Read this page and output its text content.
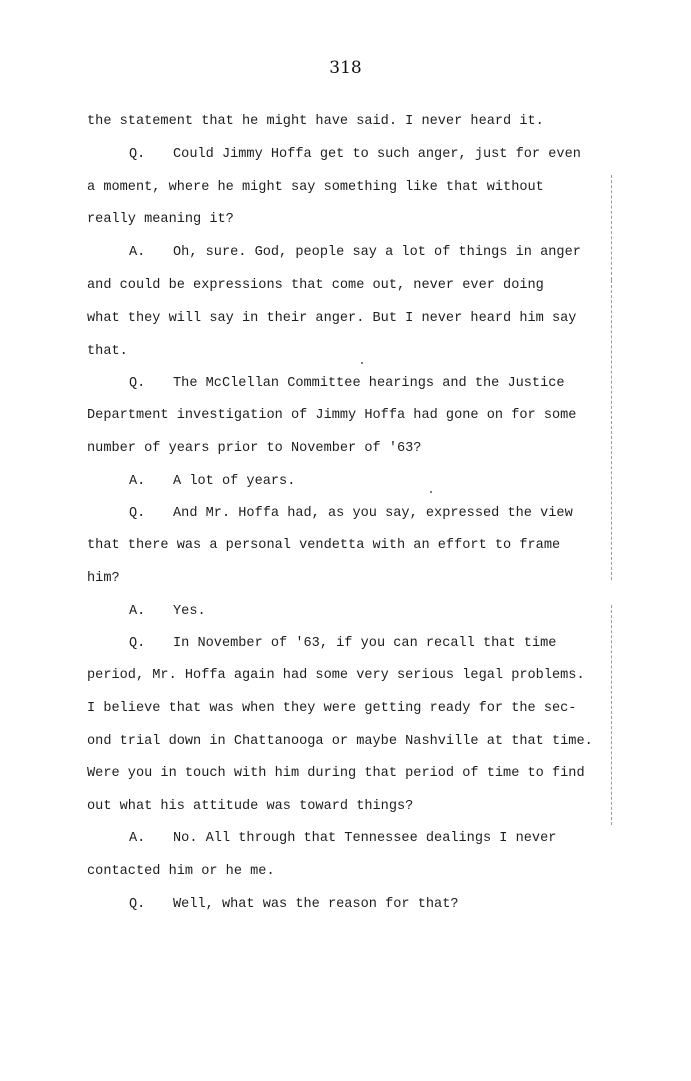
318
the statement that he might have said. I never heard it.
Q. Could Jimmy Hoffa get to such anger, just for even
a moment, where he might say something like that without
really meaning it?
A. Oh, sure. God, people say a lot of things in anger
and could be expressions that come out, never ever doing
what they will say in their anger. But I never heard him say
that.
Q. The McClellan Committee hearings and the Justice
Department investigation of Jimmy Hoffa had gone on for some
number of years prior to November of '63?
A. A lot of years.
Q. And Mr. Hoffa had, as you say, expressed the view
that there was a personal vendetta with an effort to frame
him?
A. Yes.
Q. In November of '63, if you can recall that time
period, Mr. Hoffa again had some very serious legal problems.
I believe that was when they were getting ready for the sec-
ond trial down in Chattanooga or maybe Nashville at that time.
Were you in touch with him during that period of time to find
out what his attitude was toward things?
A. No. All through that Tennessee dealings I never
contacted him or he me.
Q. Well, what was the reason for that?
